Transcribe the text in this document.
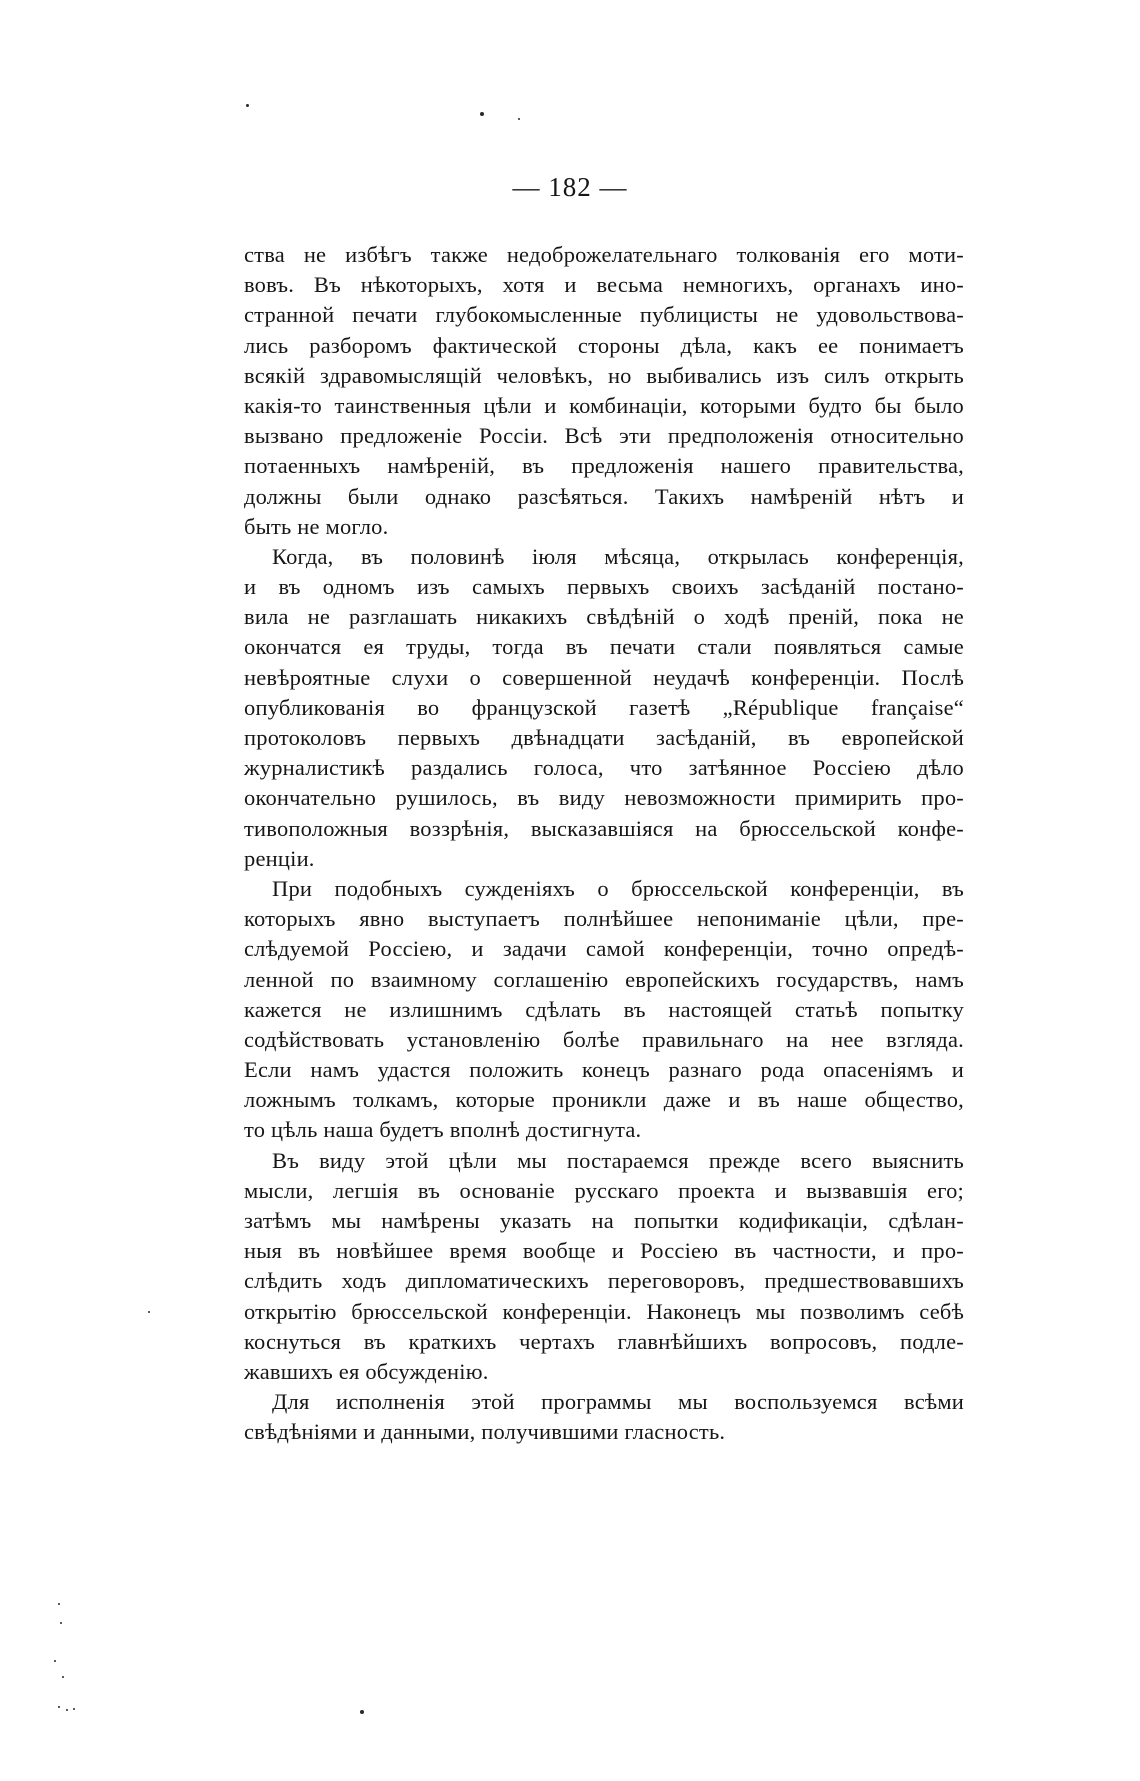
— 182 —
ства не избѣгъ также недоброжелательнаго толкованія его моти-
вовъ. Въ нѣкоторыхъ, хотя и весьма немногихъ, органахъ ино-
странной печати глубокомысленные публицисты не удовольствова-
лись разборомъ фактической стороны дѣла, какъ ее понимаетъ
всякій здравомыслящій человѣкъ, но выбивались изъ силъ открыть
какія-то таинственныя цѣли и комбинаціи, которыми будто бы было
вызвано предложеніе Россіи. Всѣ эти предположенія относительно
потаенныхъ намѣреній, въ предложенія нашего правительства,
должны были однако разсѣяться. Такихъ намѣреній нѣтъ и
быть не могло.
Когда, въ половинѣ іюля мѣсяца, открылась конференція,
и въ одномъ изъ самыхъ первыхъ своихъ засѣданій постано-
вила не разглашать никакихъ свѣдѣній о ходѣ преній, пока не
окончатся ея труды, тогда въ печати стали появляться самые
невѣроятные слухи о совершенной неудачѣ конференціи. Послѣ
опубликованія во французской газетѣ „République française“
протоколовъ первыхъ двѣнадцати засѣданій, въ европейской
журналистикѣ раздались голоса, что затѣянное Россіею дѣло
окончательно рушилось, въ виду невозможности примирить про-
тивоположныя воззрѣнія, высказавшіяся на брюссельской конфе-
ренціи.
При подобныхъ сужденіяхъ о брюссельской конференціи, въ
которыхъ явно выступаетъ полнѣйшее непониманіе цѣли, пре-
слѣдуемой Россіею, и задачи самой конференціи, точно опредѣ-
ленной по взаимному соглашенію европейскихъ государствъ, намъ
кажется не излишнимъ сдѣлать въ настоящей статьѣ попытку
содѣйствовать установленію болѣе правильнаго на нее взгляда.
Если намъ удастся положить конецъ разнаго рода опасеніямъ и
ложнымъ толкамъ, которые проникли даже и въ наше общество,
то цѣль наша будетъ вполнѣ достигнута.
Въ виду этой цѣли мы постараемся прежде всего выяснить
мысли, легшія въ основаніе русскаго проекта и вызвавшія его;
затѣмъ мы намѣрены указать на попытки кодификаціи, сдѣлан-
ныя въ новѣйшее время вообще и Россіею въ частности, и про-
слѣдить ходъ дипломатическихъ переговоровъ, предшествовавшихъ
открытію брюссельской конференціи. Наконецъ мы позволимъ себѣ
коснуться въ краткихъ чертахъ главнѣйшихъ вопросовъ, подле-
жавшихъ ея обсужденію.
Для исполненія этой программы мы воспользуемся всѣми
свѣдѣніями и данными, получившими гласность.
